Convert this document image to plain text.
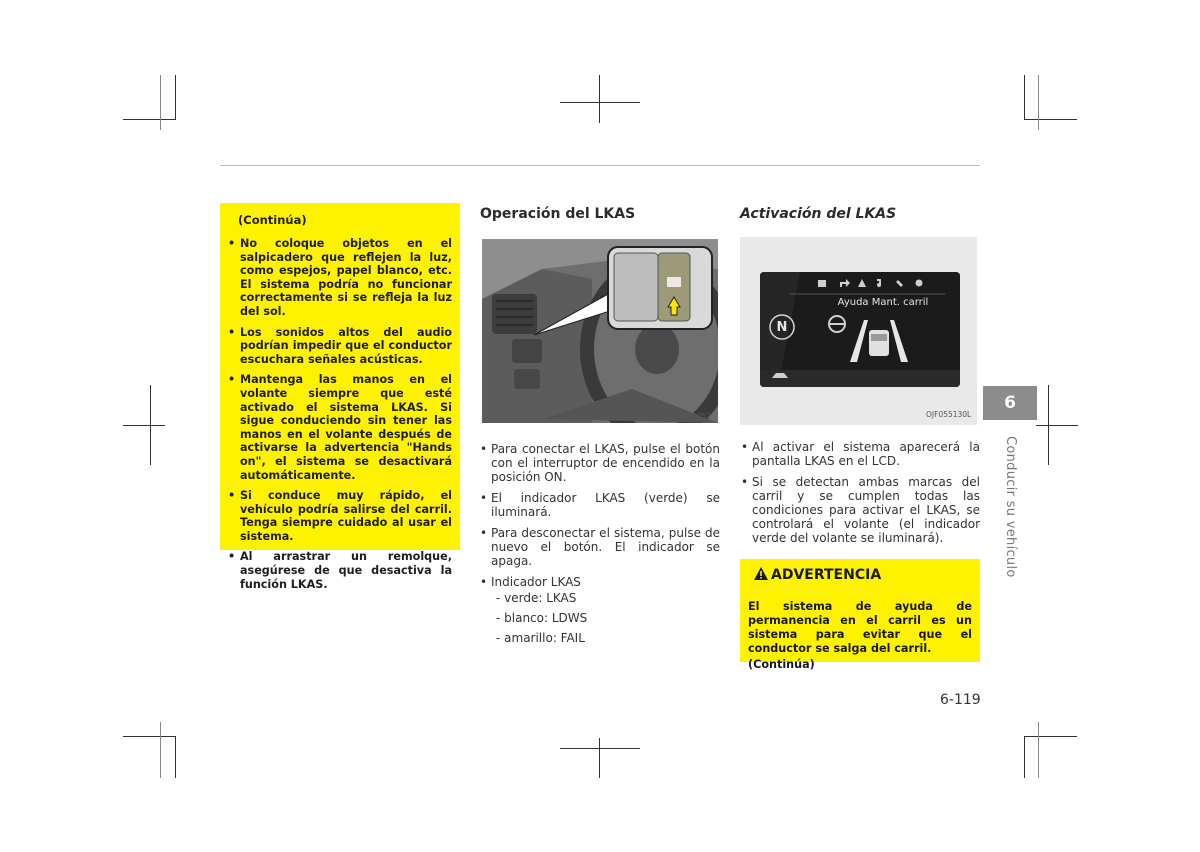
(Continúa)
• No coloque objetos en el salpicadero que reflejen la luz, como espejos, papel blanco, etc. El sistema podría no funcionar correctamente si se refleja la luz del sol.
• Los sonidos altos del audio podrían impedir que el conductor escuchara señales acústicas.
• Mantenga las manos en el volante siempre que esté activado el sistema LKAS. Si sigue conduciendo sin tener las manos en el volante después de activarse la advertencia "Hands on", el sistema se desactivará automáticamente.
• Si conduce muy rápido, el vehículo podría salirse del carril. Tenga siempre cuidado al usar el sistema.
• Al arrastrar un remolque, asegúrese de que desactiva la función LKAS.
Operación del LKAS
OJF055052
• Para conectar el LKAS, pulse el botón con el interruptor de encendido en la posición ON.
• El indicador LKAS (verde) se iluminará.
• Para desconectar el sistema, pulse de nuevo el botón. El indicador se apaga.
• Indicador LKAS
- verde: LKAS
- blanco: LDWS
- amarillo: FAIL
Activación del LKAS
N
Ayuda Mant. carril
OJF055130L
• Al activar el sistema aparecerá la pantalla LKAS en el LCD.
• Si se detectan ambas marcas del carril y se cumplen todas las condiciones para activar el LKAS, se controlará el volante (el indicador verde del volante se iluminará).
ADVERTENCIA
El sistema de ayuda de permanencia en el carril es un sistema para evitar que el conductor se salga del carril.
(Continúa)
6
Conducir su vehículo
6-119
